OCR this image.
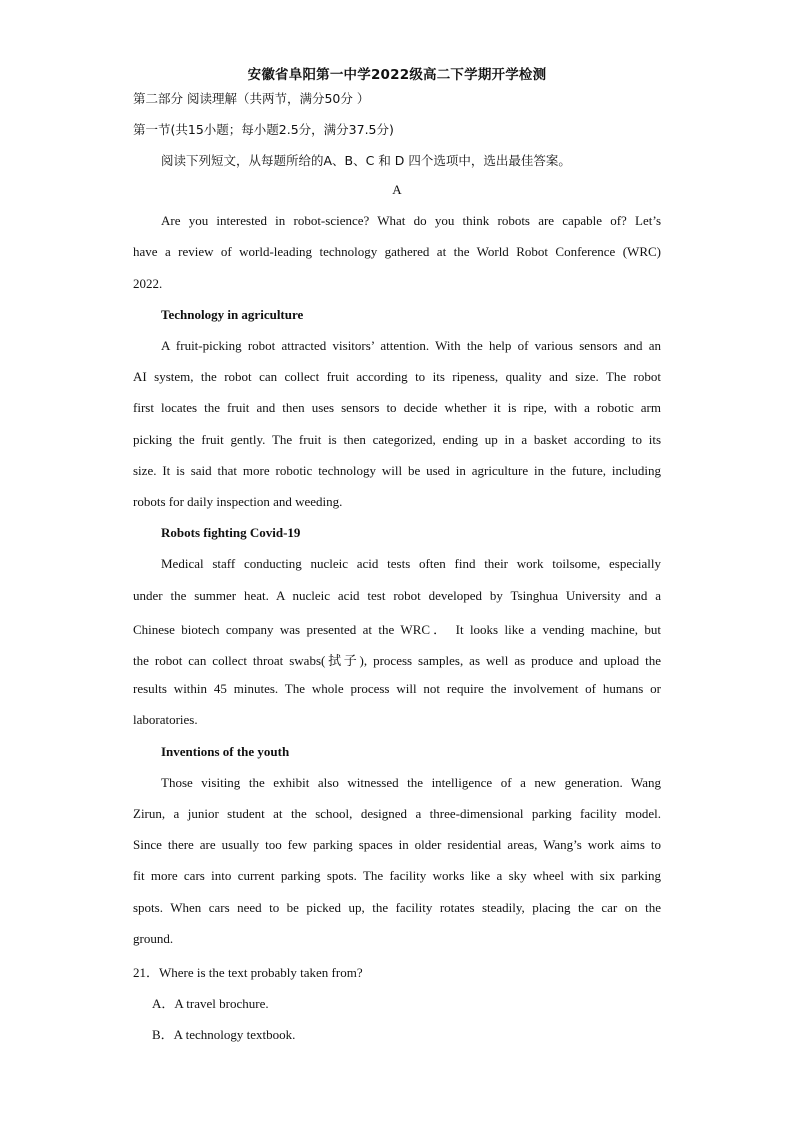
安徽省阜阳第一中学2022级高二下学期开学检测
第二部分 阅读理解（共两节，满分50分 ）
第一节(共15小题；每小题2.5分，满分37.5分)
阅读下列短文，从每题所给的A、B、C 和 D 四个选项中，选出最佳答案。
A
Are you interested in robot-science? What do you think robots are capable of? Let’s
have a review of world-leading technology gathered at the World Robot Conference (WRC)
2022.
Technology in agriculture
A fruit-picking robot attracted visitors’ attention. With the help of various sensors and an
AI system, the robot can collect fruit according to its ripeness, quality and size. The robot
first locates the fruit and then uses sensors to decide whether it is ripe, with a robotic arm
picking the fruit gently. The fruit is then categorized, ending up in a basket according to its
size. It is said that more robotic technology will be used in agriculture in the future, including
robots for daily inspection and weeding.
Robots fighting Covid-19
Medical staff conducting nucleic acid tests often find their work toilsome, especially
under the summer heat. A nucleic acid test robot developed by Tsinghua University and a
Chinese biotech company was presented at the WRC． It looks like a vending machine, but
the robot can collect throat swabs(拭子), process samples, as well as produce and upload the
results within 45 minutes. The whole process will not require the involvement of humans or
laboratories.
Inventions of the youth
Those visiting the exhibit also witnessed the intelligence of a new generation. Wang
Zirun, a junior student at the school, designed a three-dimensional parking facility model.
Since there are usually too few parking spaces in older residential areas, Wang’s work aims to
fit more cars into current parking spots. The facility works like a sky wheel with six parking
spots. When cars need to be picked up, the facility rotates steadily, placing the car on the
ground.
21．Where is the text probably taken from?
A．A travel brochure.
B．A technology textbook.
